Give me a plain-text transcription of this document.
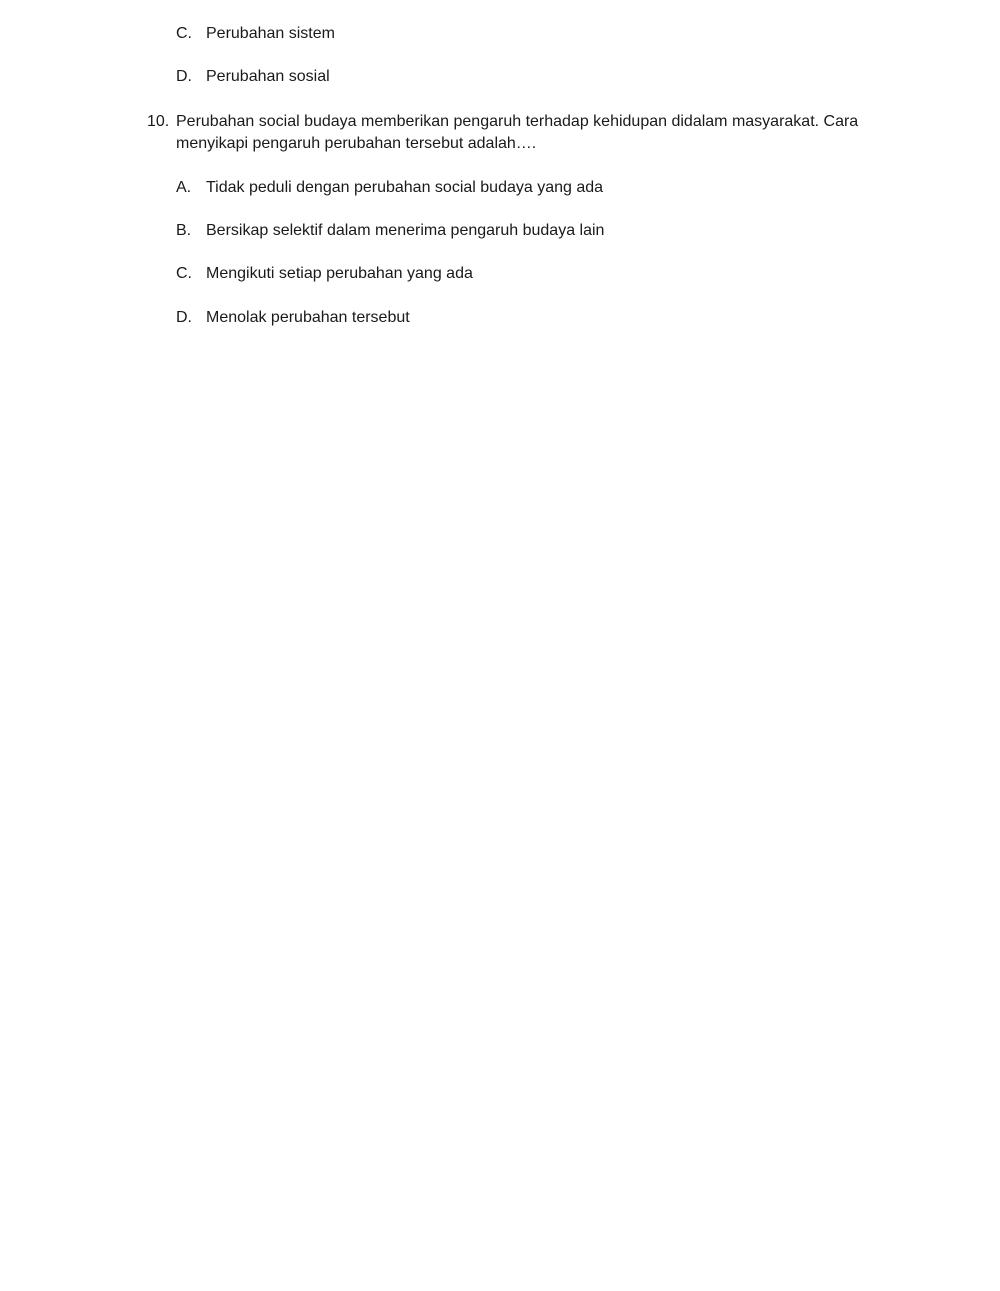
C. Perubahan sistem
D. Perubahan sosial
10. Perubahan social budaya memberikan pengaruh terhadap kehidupan didalam masyarakat. Cara menyikapi pengaruh perubahan tersebut adalah….
A. Tidak peduli dengan perubahan social budaya yang ada
B. Bersikap selektif dalam menerima pengaruh budaya lain
C. Mengikuti setiap perubahan yang ada
D. Menolak perubahan tersebut
